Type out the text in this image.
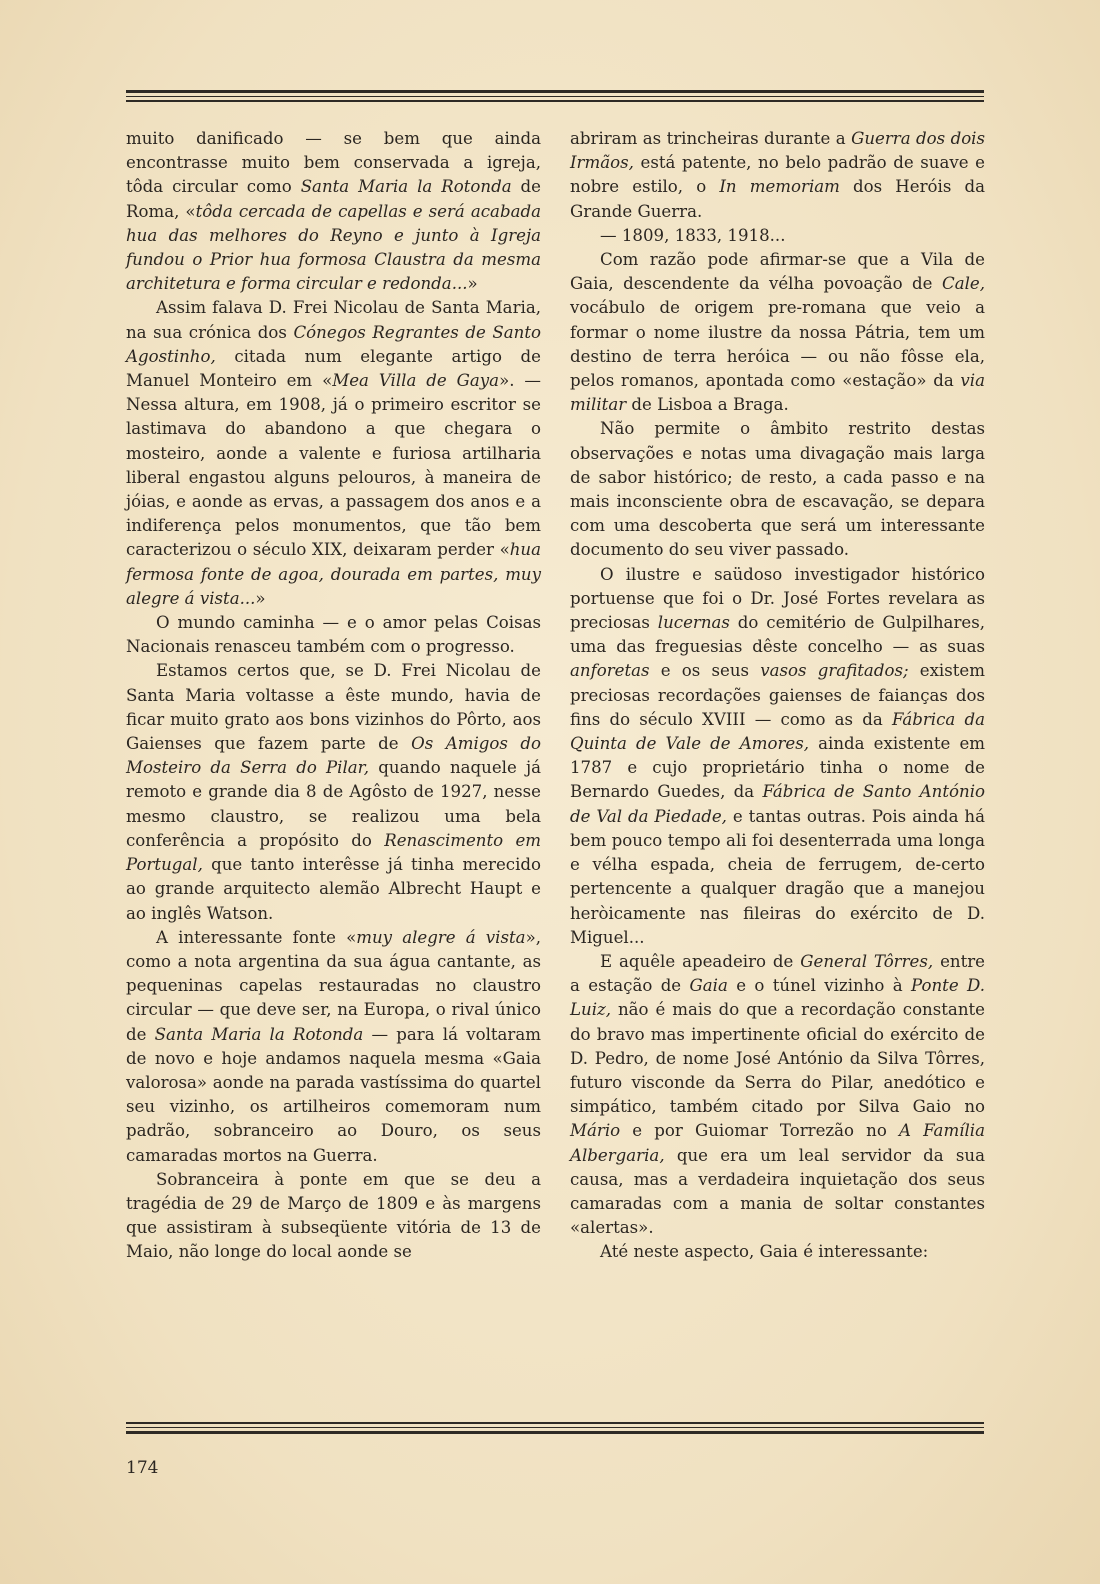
muito danificado — se bem que ainda encontrasse muito bem conservada a igreja, tôda circular como Santa Maria la Rotonda de Roma, «tôda cercada de capellas e será acabada hua das melhores do Reyno e junto à Igreja fundou o Prior hua formosa Claustra da mesma architetura e forma circular e redonda...»

Assim falava D. Frei Nicolau de Santa Maria, na sua crónica dos Cónegos Regrantes de Santo Agostinho, citada num elegante artigo de Manuel Monteiro em «Mea Villa de Gaya». — Nessa altura, em 1908, já o primeiro escritor se lastimava do abandono a que chegara o mosteiro, aonde a valente e furiosa artilharia liberal engastou alguns pelouros, à maneira de jóias, e aonde as ervas, a passagem dos anos e a indiferença pelos monumentos, que tão bem caracterizou o século XIX, deixaram perder «hua fermosa fonte de agoa, dourada em partes, muy alegre á vista...»

O mundo caminha — e o amor pelas Coisas Nacionais renasceu também com o progresso.

Estamos certos que, se D. Frei Nicolau de Santa Maria voltasse a êste mundo, havia de ficar muito grato aos bons vizinhos do Pôrto, aos Gaienses que fazem parte de Os Amigos do Mosteiro da Serra do Pilar, quando naquele já remoto e grande dia 8 de Agôsto de 1927, nesse mesmo claustro, se realizou uma bela conferência a propósito do Renascimento em Portugal, que tanto interêsse já tinha merecido ao grande arquitecto alemão Albrecht Haupt e ao inglês Watson.

A interessante fonte «muy alegre á vista», como a nota argentina da sua água cantante, as pequeninas capelas restauradas no claustro circular — que deve ser, na Europa, o rival único de Santa Maria la Rotonda — para lá voltaram de novo e hoje andamos naquela mesma «Gaia valorosa» aonde na parada vastíssima do quartel seu vizinho, os artilheiros comemoram num padrão, sobranceiro ao Douro, os seus camaradas mortos na Guerra.

Sobranceira à ponte em que se deu a tragédia de 29 de Março de 1809 e às margens que assistiram à subseqüente vitória de 13 de Maio, não longe do local aonde se

abriram as trincheiras durante a Guerra dos dois Irmãos, está patente, no belo padrão de suave e nobre estilo, o In memoriam dos Heróis da Grande Guerra.

— 1809, 1833, 1918...

Com razão pode afirmar-se que a Vila de Gaia, descendente da vélha povoação de Cale, vocábulo de origem pre-romana que veio a formar o nome ilustre da nossa Pátria, tem um destino de terra heróica — ou não fôsse ela, pelos romanos, apontada como «estação» da via militar de Lisboa a Braga.

Não permite o âmbito restrito destas observações e notas uma divagação mais larga de sabor histórico; de resto, a cada passo e na mais inconsciente obra de escavação, se depara com uma descoberta que será um interessante documento do seu viver passado.

O ilustre e saüdoso investigador histórico portuense que foi o Dr. José Fortes revelara as preciosas lucernas do cemitério de Gulpilhares, uma das freguesias dêste concelho — as suas anforetas e os seus vasos grafitados; existem preciosas recordações gaienses de faianças dos fins do século XVIII — como as da Fábrica da Quinta de Vale de Amores, ainda existente em 1787 e cujo proprietário tinha o nome de Bernardo Guedes, da Fábrica de Santo António de Val da Piedade, e tantas outras. Pois ainda há bem pouco tempo ali foi desenterrada uma longa e vélha espada, cheia de ferrugem, de-certo pertencente a qualquer dragão que a manejou heròicamente nas fileiras do exército de D. Miguel...

E aquêle apeadeiro de General Tôrres, entre a estação de Gaia e o túnel vizinho à Ponte D. Luiz, não é mais do que a recordação constante do bravo mas impertinente oficial do exército de D. Pedro, de nome José António da Silva Tôrres, futuro visconde da Serra do Pilar, anedótico e simpático, também citado por Silva Gaio no Mário e por Guiomar Torrezão no A Família Albergaria, que era um leal servidor da sua causa, mas a verdadeira inquietação dos seus camaradas com a mania de soltar constantes «alertas».

Até neste aspecto, Gaia é interessante:

174
